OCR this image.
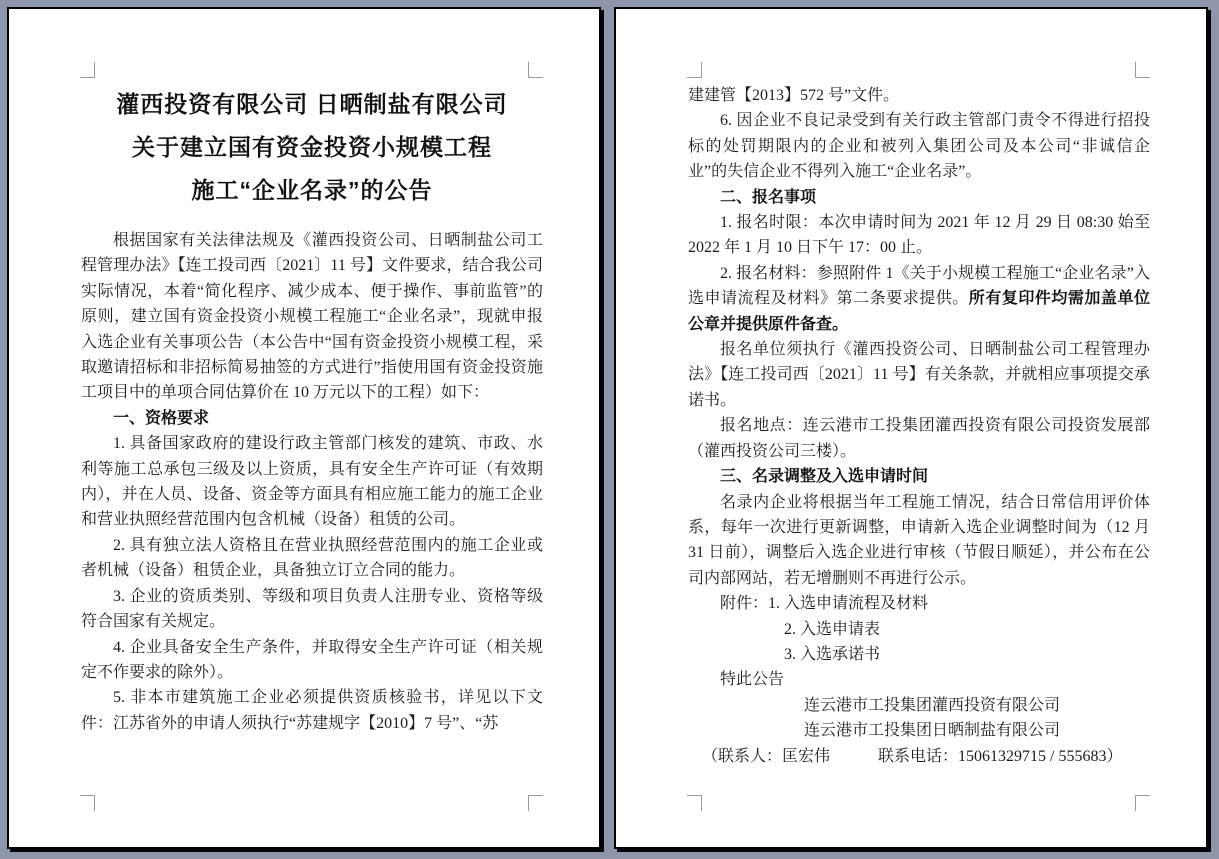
灌西投资有限公司 日晒制盐有限公司
关于建立国有资金投资小规模工程
施工“企业名录”的公告

根据国家有关法律法规及《灌西投资公司、日晒制盐公司工程管理办法》【连工投司西〔2021〕11 号】文件要求，结合我公司实际情况，本着“简化程序、减少成本、便于操作、事前监管”的原则，建立国有资金投资小规模工程施工“企业名录”，现就申报入选企业有关事项公告（本公告中“国有资金投资小规模工程，采取邀请招标和非招标简易抽签的方式进行”指使用国有资金投资施工项目中的单项合同估算价在 10 万元以下的工程）如下：

一、资格要求

1. 具备国家政府的建设行政主管部门核发的建筑、市政、水利等施工总承包三级及以上资质，具有安全生产许可证（有效期内），并在人员、设备、资金等方面具有相应施工能力的施工企业和营业执照经营范围内包含机械（设备）租赁的公司。

2. 具有独立法人资格且在营业执照经营范围内的施工企业或者机械（设备）租赁企业，具备独立订立合同的能力。

3. 企业的资质类别、等级和项目负责人注册专业、资格等级符合国家有关规定。

4. 企业具备安全生产条件，并取得安全生产许可证（相关规定不作要求的除外）。

5. 非本市建筑施工企业必须提供资质核验书，详见以下文件：江苏省外的申请人须执行“苏建规字【2010】7 号”、“苏

建建管【2013】572 号”文件。

6. 因企业不良记录受到有关行政主管部门责令不得进行招投标的处罚期限内的企业和被列入集团公司及本公司“非诚信企业”的失信企业不得列入施工“企业名录”。

二、报名事项

1. 报名时限：本次申请时间为 2021 年 12 月 29 日 08:30 始至 2022 年 1 月 10 日下午 17：00 止。

2. 报名材料：参照附件 1《关于小规模工程施工“企业名录”入选申请流程及材料》第二条要求提供。所有复印件均需加盖单位公章并提供原件备查。

报名单位须执行《灌西投资公司、日晒制盐公司工程管理办法》【连工投司西〔2021〕11 号】有关条款，并就相应事项提交承诺书。

报名地点：连云港市工投集团灌西投资有限公司投资发展部（灌西投资公司三楼）。

三、名录调整及入选申请时间

名录内企业将根据当年工程施工情况，结合日常信用评价体系，每年一次进行更新调整，申请新入选企业调整时间为（12 月 31 日前），调整后入选企业进行审核（节假日顺延），并公布在公司内部网站，若无增删则不再进行公示。

附件：1. 入选申请流程及材料

2. 入选申请表

3. 入选承诺书

特此公告

连云港市工投集团灌西投资有限公司

连云港市工投集团日晒制盐有限公司

（联系人：匡宏伟　　　联系电话：15061329715 / 555683）
